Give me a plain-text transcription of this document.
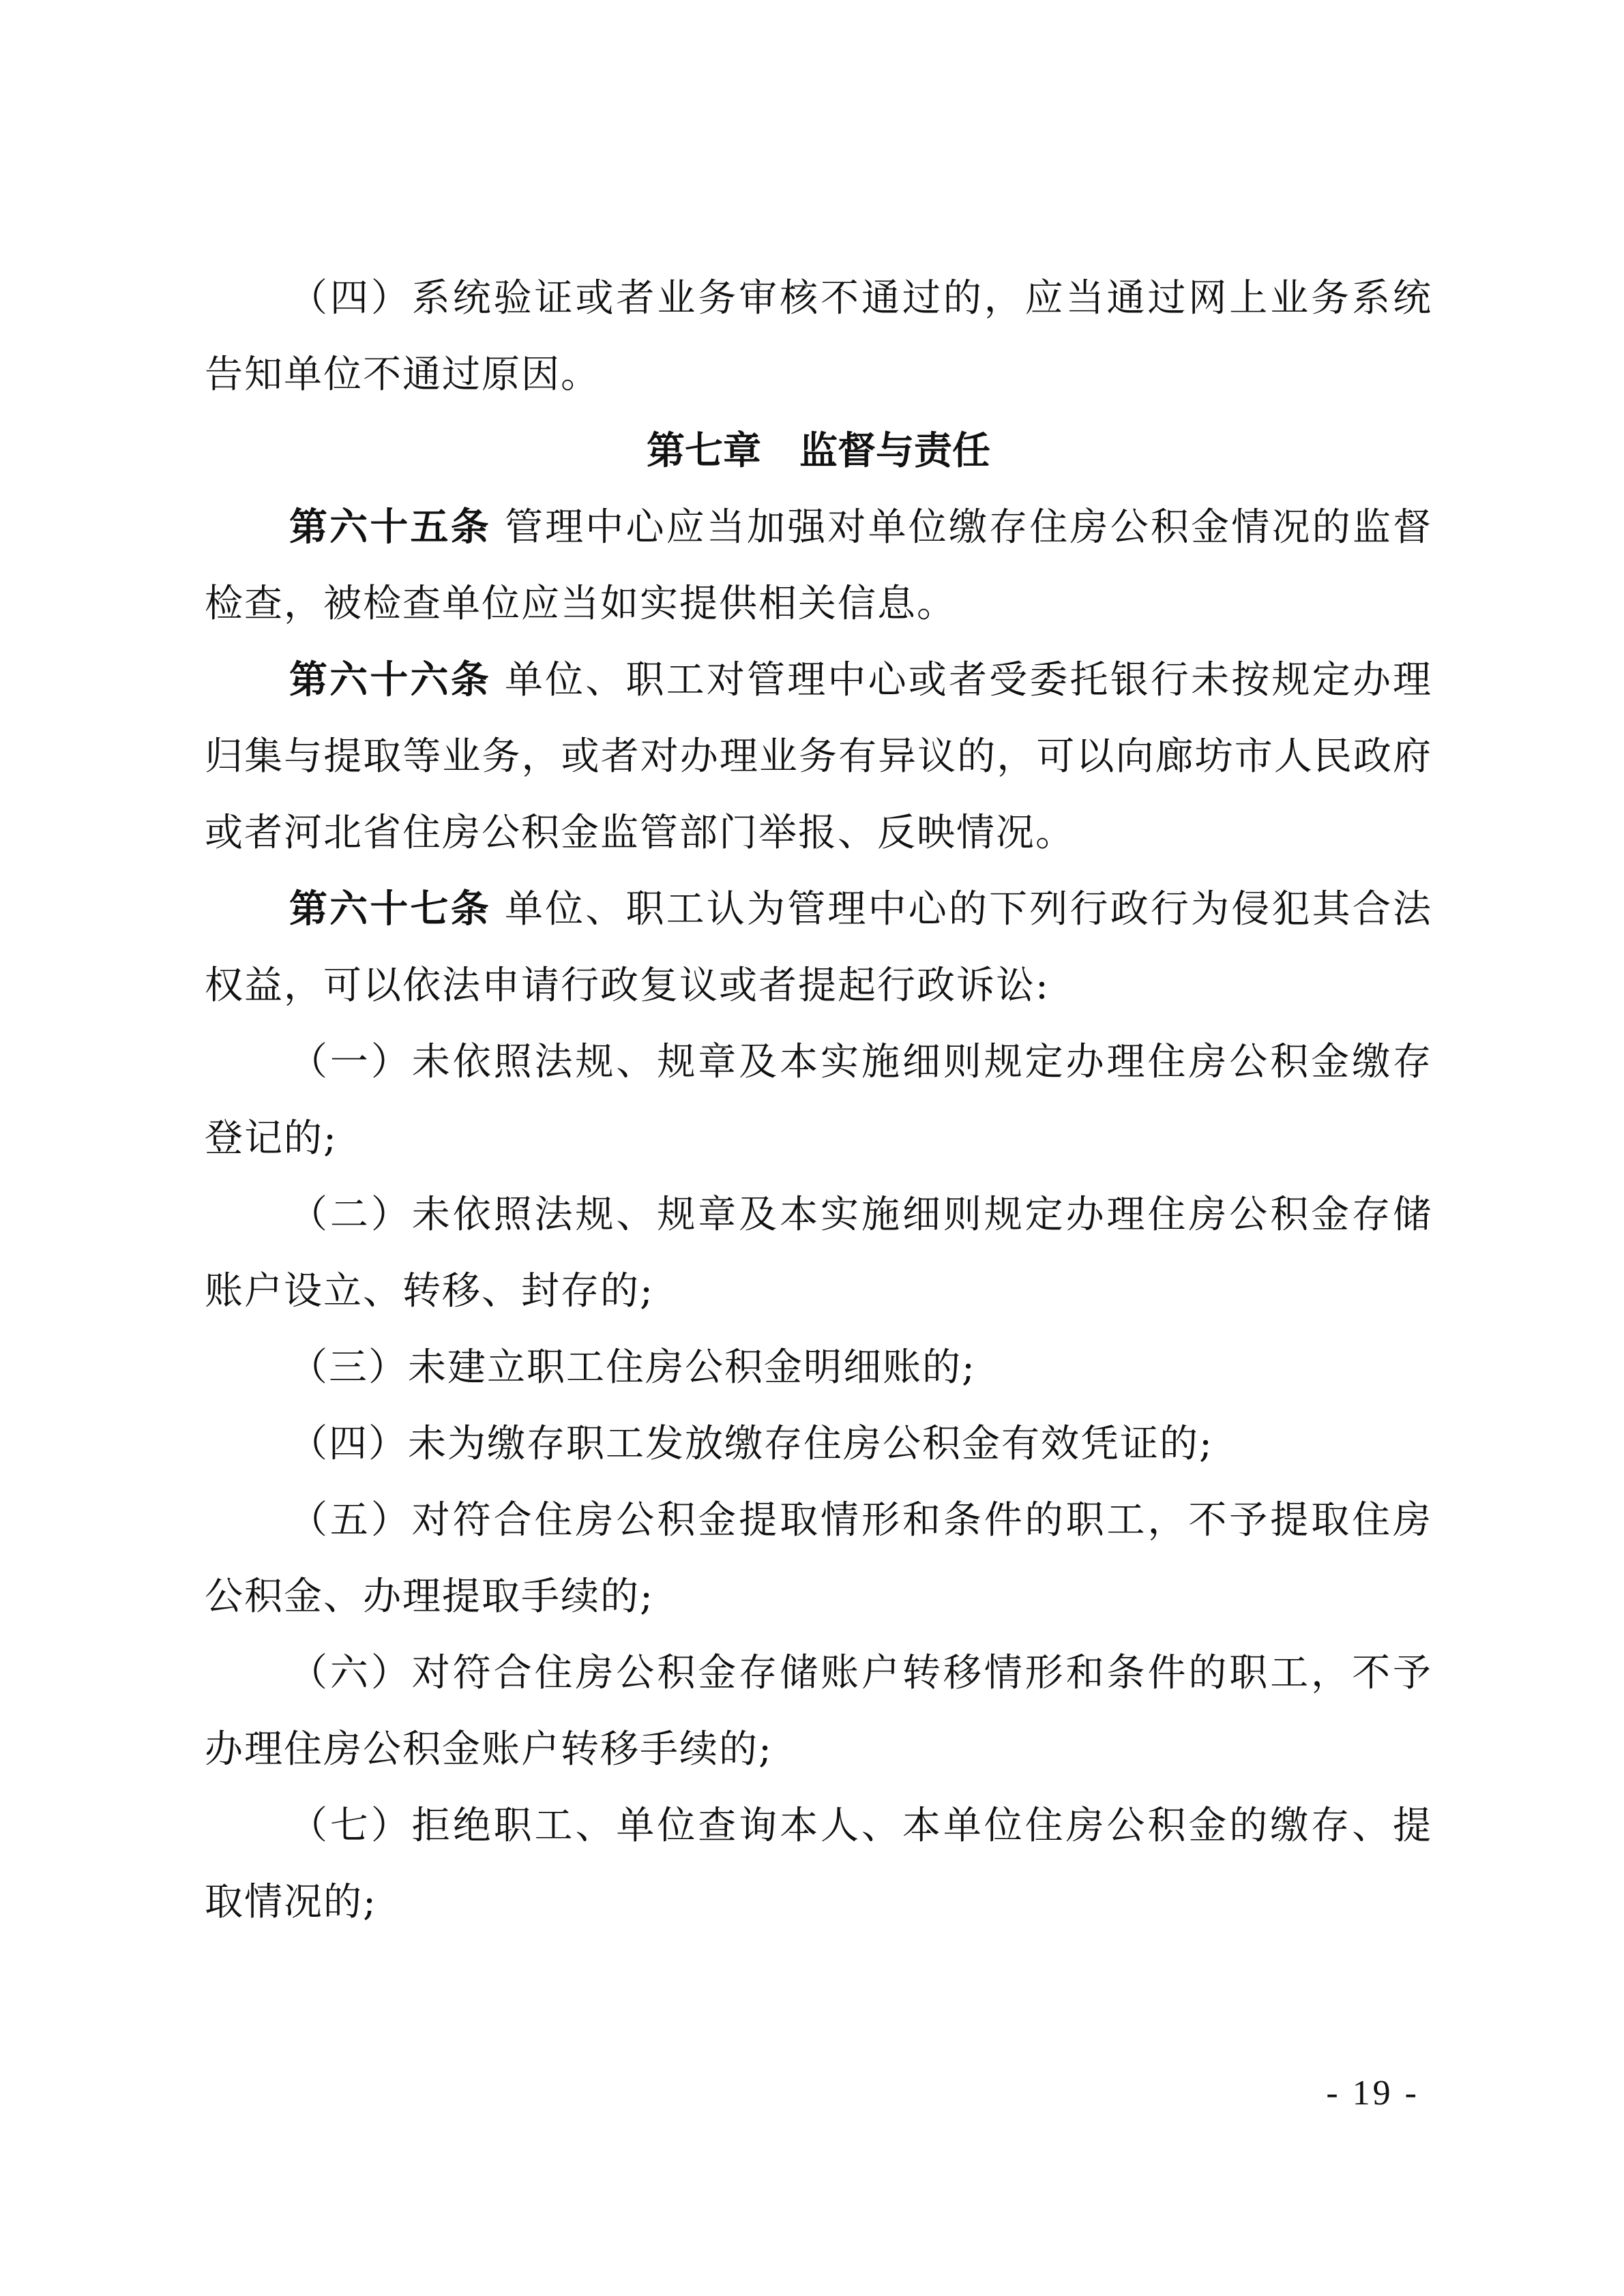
（四）系统验证或者业务审核不通过的，应当通过网上业务系统告知单位不通过原因。

第七章 监督与责任

第六十五条 管理中心应当加强对单位缴存住房公积金情况的监督检查，被检查单位应当如实提供相关信息。

第六十六条 单位、职工对管理中心或者受委托银行未按规定办理归集与提取等业务，或者对办理业务有异议的，可以向廊坊市人民政府或者河北省住房公积金监管部门举报、反映情况。

第六十七条 单位、职工认为管理中心的下列行政行为侵犯其合法权益，可以依法申请行政复议或者提起行政诉讼:

（一）未依照法规、规章及本实施细则规定办理住房公积金缴存登记的;

（二）未依照法规、规章及本实施细则规定办理住房公积金存储账户设立、转移、封存的;

（三）未建立职工住房公积金明细账的;

（四）未为缴存职工发放缴存住房公积金有效凭证的;

（五）对符合住房公积金提取情形和条件的职工，不予提取住房公积金、办理提取手续的;

（六）对符合住房公积金存储账户转移情形和条件的职工，不予办理住房公积金账户转移手续的;

（七）拒绝职工、单位查询本人、本单位住房公积金的缴存、提取情况的;

- 19 -
